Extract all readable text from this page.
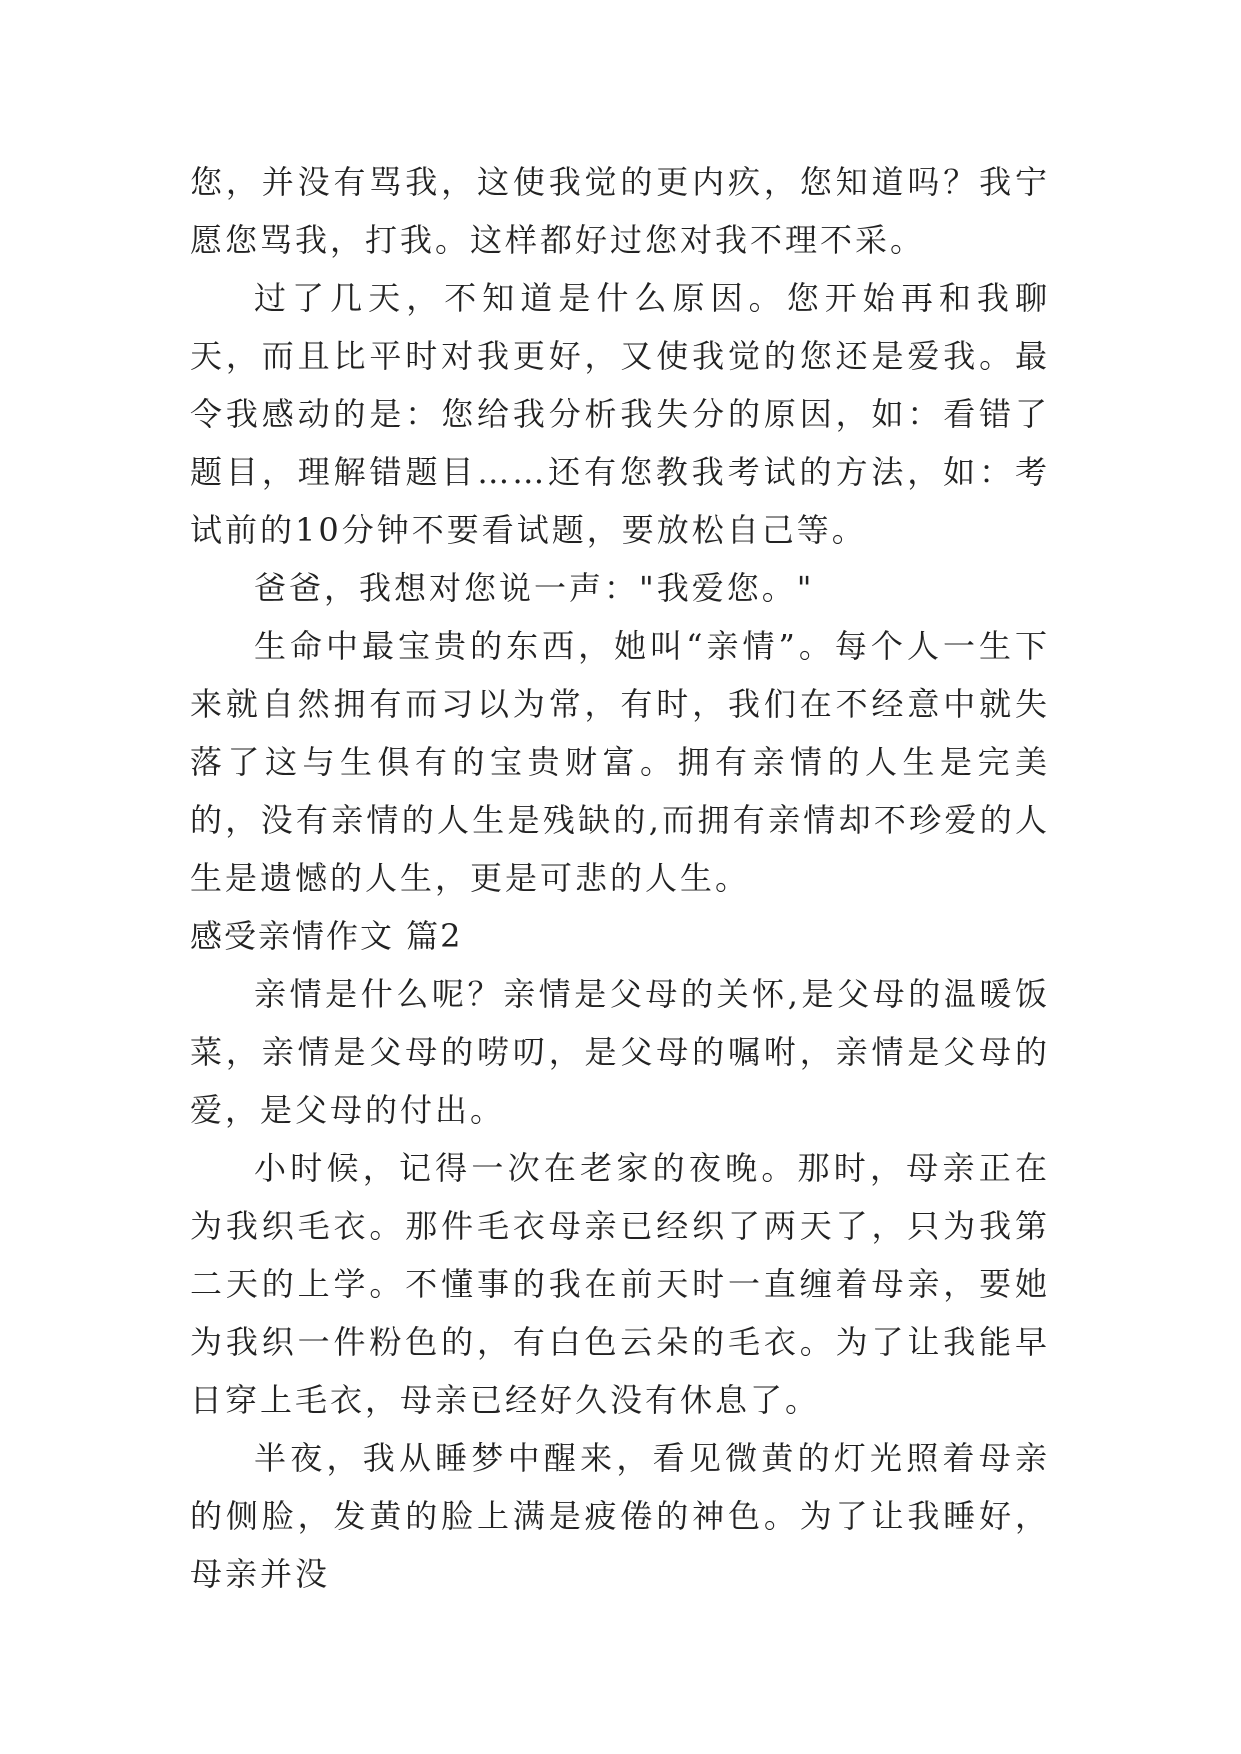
您，并没有骂我，这使我觉的更内疚，您知道吗？我宁愿您骂我，打我。这样都好过您对我不理不采。

过了几天，不知道是什么原因。您开始再和我聊天，而且比平时对我更好，又使我觉的您还是爱我。最令我感动的是：您给我分析我失分的原因，如：看错了题目，理解错题目……还有您教我考试的方法，如：考试前的10分钟不要看试题，要放松自己等。

爸爸，我想对您说一声："我爱您。"

生命中最宝贵的东西，她叫“亲情”。每个人一生下来就自然拥有而习以为常，有时，我们在不经意中就失落了这与生俱有的宝贵财富。拥有亲情的人生是完美的，没有亲情的人生是残缺的,而拥有亲情却不珍爱的人生是遗憾的人生，更是可悲的人生。

感受亲情作文 篇2

亲情是什么呢？亲情是父母的关怀,是父母的温暖饭菜，亲情是父母的唠叨，是父母的嘱咐，亲情是父母的爱，是父母的付出。

小时候，记得一次在老家的夜晚。那时，母亲正在为我织毛衣。那件毛衣母亲已经织了两天了，只为我第二天的上学。不懂事的我在前天时一直缠着母亲，要她为我织一件粉色的，有白色云朵的毛衣。为了让我能早日穿上毛衣，母亲已经好久没有休息了。

半夜，我从睡梦中醒来，看见微黄的灯光照着母亲的侧脸，发黄的脸上满是疲倦的神色。为了让我睡好，母亲并没
